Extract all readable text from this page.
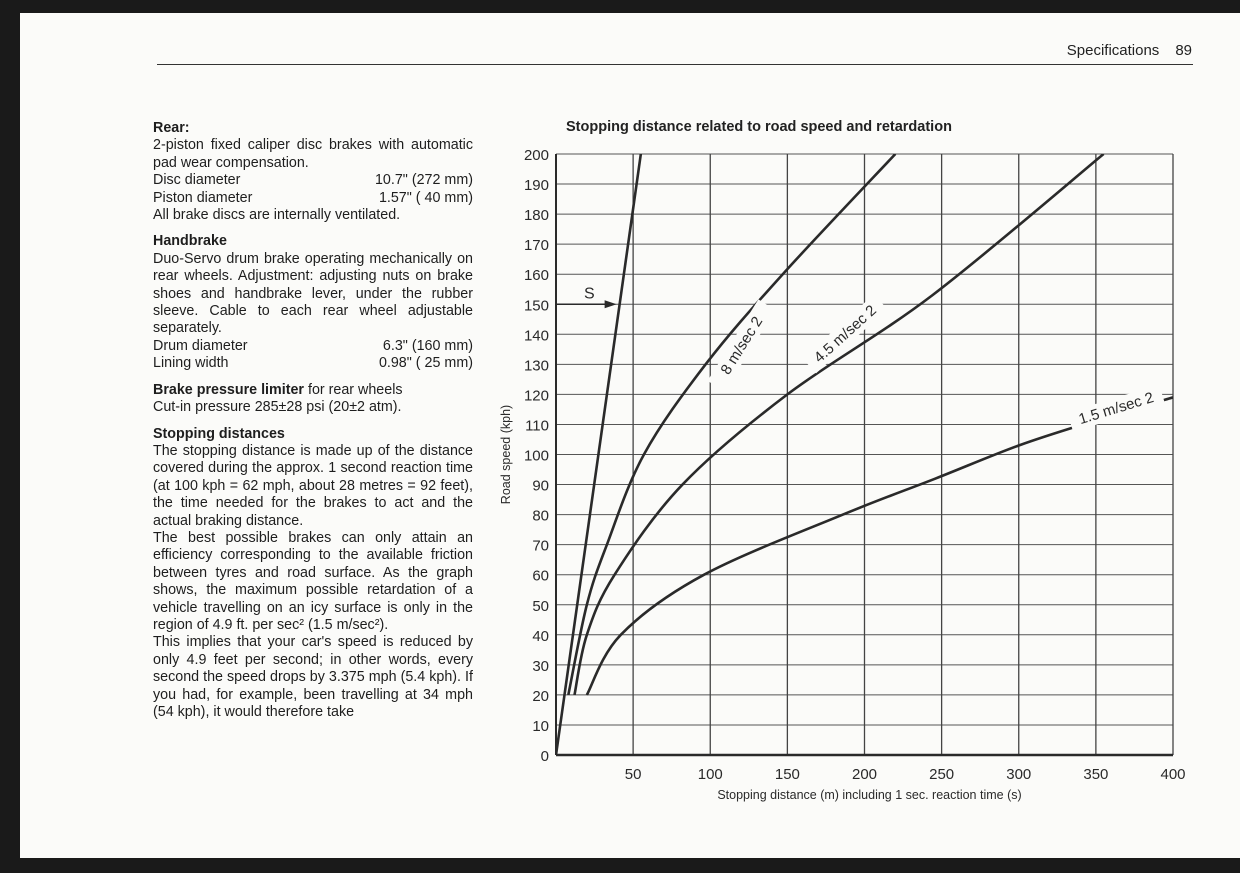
Specifications 89

Rear:

2-piston fixed caliper disc brakes with automatic pad wear compensation.

Disc diameter	10.7" (272 mm)
Piston diameter	1.57" ( 40 mm)

All brake discs are internally ventilated.

Handbrake

Duo-Servo drum brake operating mechanically on rear wheels. Adjustment: adjusting nuts on brake shoes and handbrake lever, under the rubber sleeve. Cable to each rear wheel adjustable separately.

Drum diameter	6.3" (160 mm)
Lining width	0.98" ( 25 mm)

Brake pressure limiter for rear wheels

Cut-in pressure 285±28 psi (20±2 atm).

Stopping distances

The stopping distance is made up of the distance covered during the approx. 1 second reaction time (at 100 kph = 62 mph, about 28 metres = 92 feet), the time needed for the brakes to act and the actual braking distance.

The best possible brakes can only attain an efficiency corresponding to the available friction between tyres and road surface. As the graph shows, the maximum possible retardation of a vehicle travelling on an icy surface is only in the region of 4.9 ft. per sec² (1.5 m/sec²).

This implies that your car's speed is reduced by only 4.9 feet per second; in other words, every second the speed drops by 3.375 mph (5.4 kph). If you had, for example, been travelling at 34 mph (54 kph), it would therefore take

Stopping distance related to road speed and retardation
0
10
20
30
40
50
60
70
80
90
100
110
120
130
140
150
160
170
180
190
200
50	100	150	200	250	300	350	400
Stopping distance (m) including 1 sec. reaction time (s)
Road speed (kph)
S
8 m/sec 2	4.5 m/sec 2
1.5 m/sec 2
